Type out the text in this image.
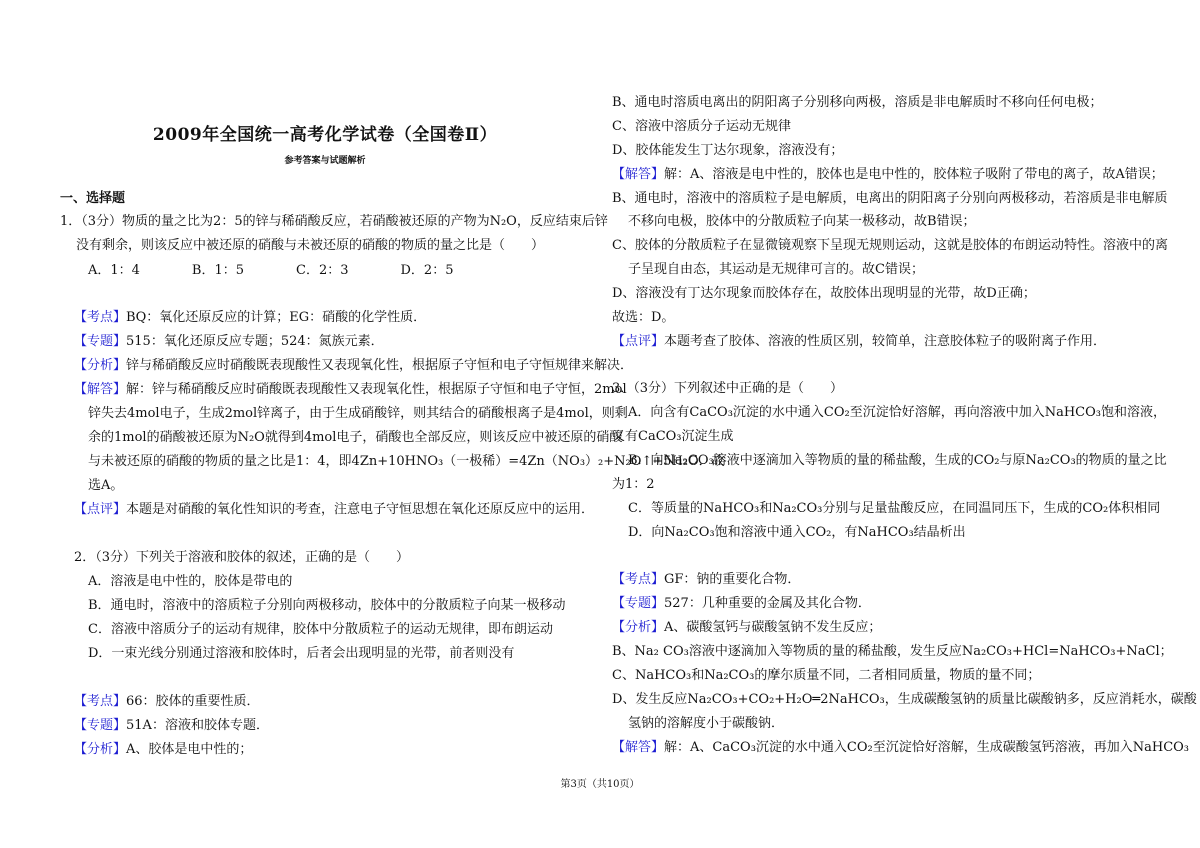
2009年全国统一高考化学试卷（全国卷Ⅱ）
参考答案与试题解析
一、选择题
1．（3分）物质的量之比为2：5的锌与稀硝酸反应，若硝酸被还原的产物为N₂O，反应结束后锌
没有剩余，则该反应中被还原的硝酸与未被还原的硝酸的物质的量之比是（　　）
A．1：4　　　　B．1：5　　　　C．2：3　　　　D．2：5
【考点】BQ：氧化还原反应的计算；EG：硝酸的化学性质．
【专题】515：氧化还原反应专题；524：氮族元素．
【分析】锌与稀硝酸反应时硝酸既表现酸性又表现氧化性，根据原子守恒和电子守恒规律来解决．
【解答】解：锌与稀硝酸反应时硝酸既表现酸性又表现氧化性，根据原子守恒和电子守恒，2mol
锌失去4mol电子，生成2mol锌离子，由于生成硝酸锌，则其结合的硝酸根离子是4mol，则剩
余的1mol的硝酸被还原为N₂O就得到4mol电子，硝酸也全部反应，则该反应中被还原的硝酸
与未被还原的硝酸的物质的量之比是1：4，即4Zn+10HNO₃（一极稀）=4Zn（NO₃）₂+N₂O↑+5H₂O．故
选A。
【点评】本题是对硝酸的氧化性知识的考查，注意电子守恒思想在氧化还原反应中的运用．
2．（3分）下列关于溶液和胶体的叙述，正确的是（　　）
A．溶液是电中性的，胶体是带电的
B．通电时，溶液中的溶质粒子分别向两极移动，胶体中的分散质粒子向某一极移动
C．溶液中溶质分子的运动有规律，胶体中分散质粒子的运动无规律，即布朗运动
D．一束光线分别通过溶液和胶体时，后者会出现明显的光带，前者则没有
【考点】66：胶体的重要性质．
【专题】51A：溶液和胶体专题．
【分析】A、胶体是电中性的；
B、通电时溶质电离出的阴阳离子分别移向两极，溶质是非电解质时不移向任何电极；
C、溶液中溶质分子运动无规律
D、胶体能发生丁达尔现象，溶液没有；
【解答】解：A、溶液是电中性的，胶体也是电中性的，胶体粒子吸附了带电的离子，故A错误；
B、通电时，溶液中的溶质粒子是电解质，电离出的阴阳离子分别向两极移动，若溶质是非电解质
不移向电极，胶体中的分散质粒子向某一极移动，故B错误；
C、胶体的分散质粒子在显微镜观察下呈现无规则运动，这就是胶体的布朗运动特性。溶液中的离
子呈现自由态，其运动是无规律可言的。故C错误；
D、溶液没有丁达尔现象而胶体存在，故胶体出现明显的光带，故D正确；
故选：D。
【点评】本题考查了胶体、溶液的性质区别，较简单，注意胶体粒子的吸附离子作用．
3．（3分）下列叙述中正确的是（　　）
A．向含有CaCO₃沉淀的水中通入CO₂至沉淀恰好溶解，再向溶液中加入NaHCO₃饱和溶液，
又有CaCO₃沉淀生成
B．向Na₂CO₃溶液中逐滴加入等物质的量的稀盐酸，生成的CO₂与原Na₂CO₃的物质的量之比
为1：2
C．等质量的NaHCO₃和Na₂CO₃分别与足量盐酸反应，在同温同压下，生成的CO₂体积相同
D．向Na₂CO₃饱和溶液中通入CO₂，有NaHCO₃结晶析出
【考点】GF：钠的重要化合物．
【专题】527：几种重要的金属及其化合物．
【分析】A、碳酸氢钙与碳酸氢钠不发生反应；
B、Na₂ CO₃溶液中逐滴加入等物质的量的稀盐酸，发生反应Na₂CO₃+HCl=NaHCO₃+NaCl；
C、NaHCO₃和Na₂CO₃的摩尔质量不同，二者相同质量，物质的量不同；
D、发生反应Na₂CO₃+CO₂+H₂O═2NaHCO₃，生成碳酸氢钠的质量比碳酸钠多，反应消耗水，碳酸
氢钠的溶解度小于碳酸钠．
【解答】解：A、CaCO₃沉淀的水中通入CO₂至沉淀恰好溶解，生成碳酸氢钙溶液，再加入NaHCO₃
第3页（共10页）
